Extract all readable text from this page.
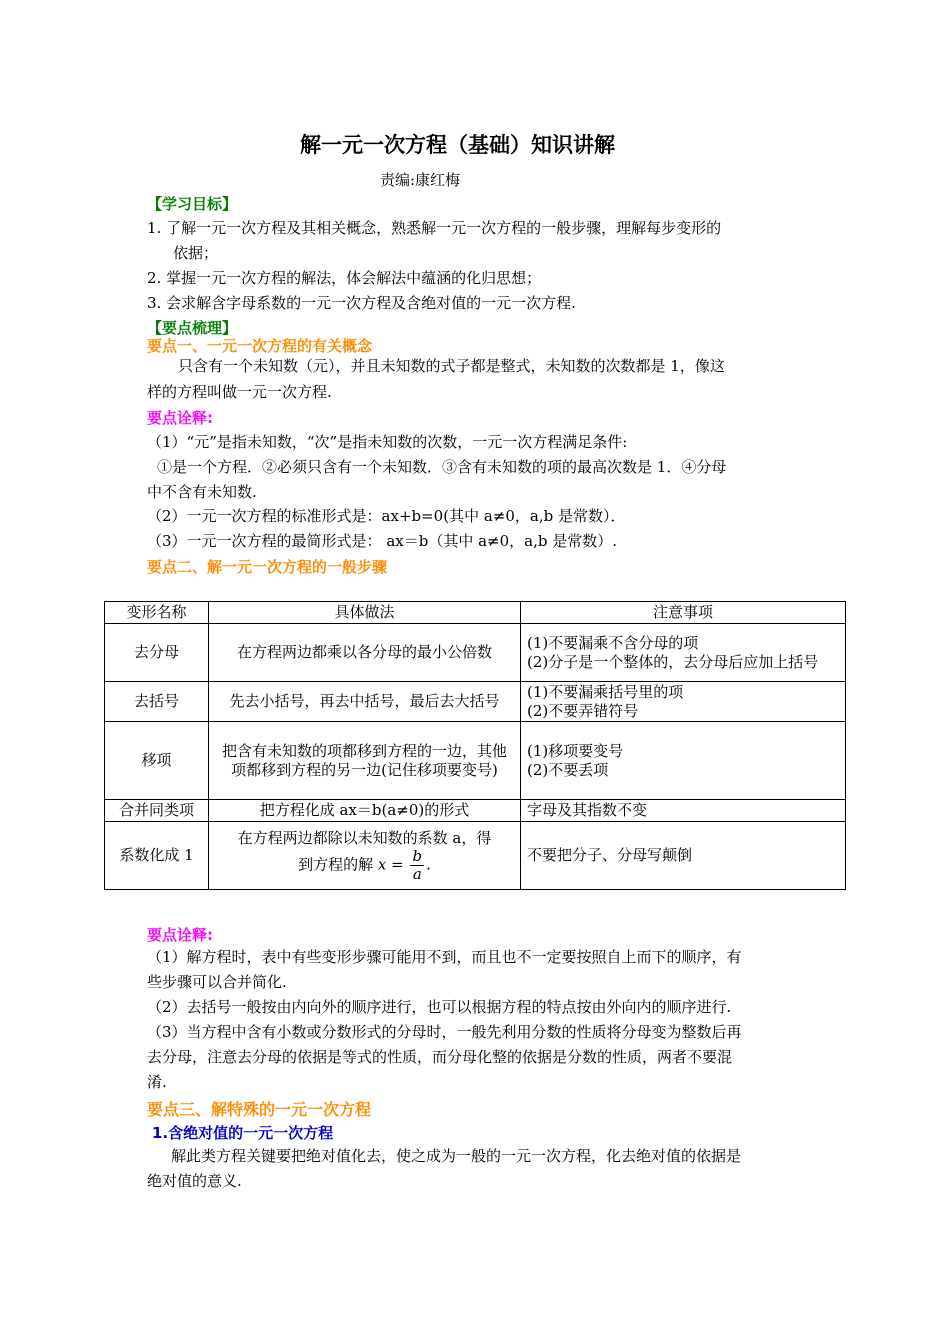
解一元一次方程（基础）知识讲解
责编:康红梅
【学习目标】
1. 了解一元一次方程及其相关概念，熟悉解一元一次方程的一般步骤，理解每步变形的
依据；
2. 掌握一元一次方程的解法，体会解法中蕴涵的化归思想；
3. 会求解含字母系数的一元一次方程及含绝对值的一元一次方程.
【要点梳理】
要点一、一元一次方程的有关概念
只含有一个未知数（元），并且未知数的式子都是整式，未知数的次数都是 1，像这
样的方程叫做一元一次方程.
要点诠释:
（1）“元”是指未知数，“次”是指未知数的次数，一元一次方程满足条件:
①是一个方程．②必须只含有一个未知数．③含有未知数的项的最高次数是 1．④分母
中不含有未知数.
（2）一元一次方程的标准形式是：ax+b=0(其中 a≠0，a,b 是常数）．
（3）一元一次方程的最简形式是： ax＝b（其中 a≠0，a,b 是常数）.
要点二、解一元一次方程的一般步骤
变形名称	具体做法	注意事项
去分母	在方程两边都乘以各分母的最小公倍数	(1)不要漏乘不含分母的项
(2)分子是一个整体的，去分母后应加上括号

去括号	先去小括号，再去中括号，最后去大括号	(1)不要漏乘括号里的项
(2)不要弄错符号

移项	把含有未知数的项都移到方程的一边，其他项都移到方程的另一边(记住移项要变号)	(1)移项要变号
(2)不要丢项

合并同类项	把方程化成 ax＝b(a≠0)的形式	字母及其指数不变

系数化成 1	在方程两边都除以未知数的系数 a，得
到方程的解 $x = \frac{b}{a}$ .	不要把分子、分母写颠倒
要点诠释:
（1）解方程时，表中有些变形步骤可能用不到，而且也不一定要按照自上而下的顺序，有
些步骤可以合并简化.
（2）去括号一般按由内向外的顺序进行，也可以根据方程的特点按由外向内的顺序进行.
（3）当方程中含有小数或分数形式的分母时，一般先利用分数的性质将分母变为整数后再
去分母，注意去分母的依据是等式的性质，而分母化整的依据是分数的性质，两者不要混
淆.
要点三、解特殊的一元一次方程
1.含绝对值的一元一次方程
解此类方程关键要把绝对值化去，使之成为一般的一元一次方程，化去绝对值的依据是
绝对值的意义.
